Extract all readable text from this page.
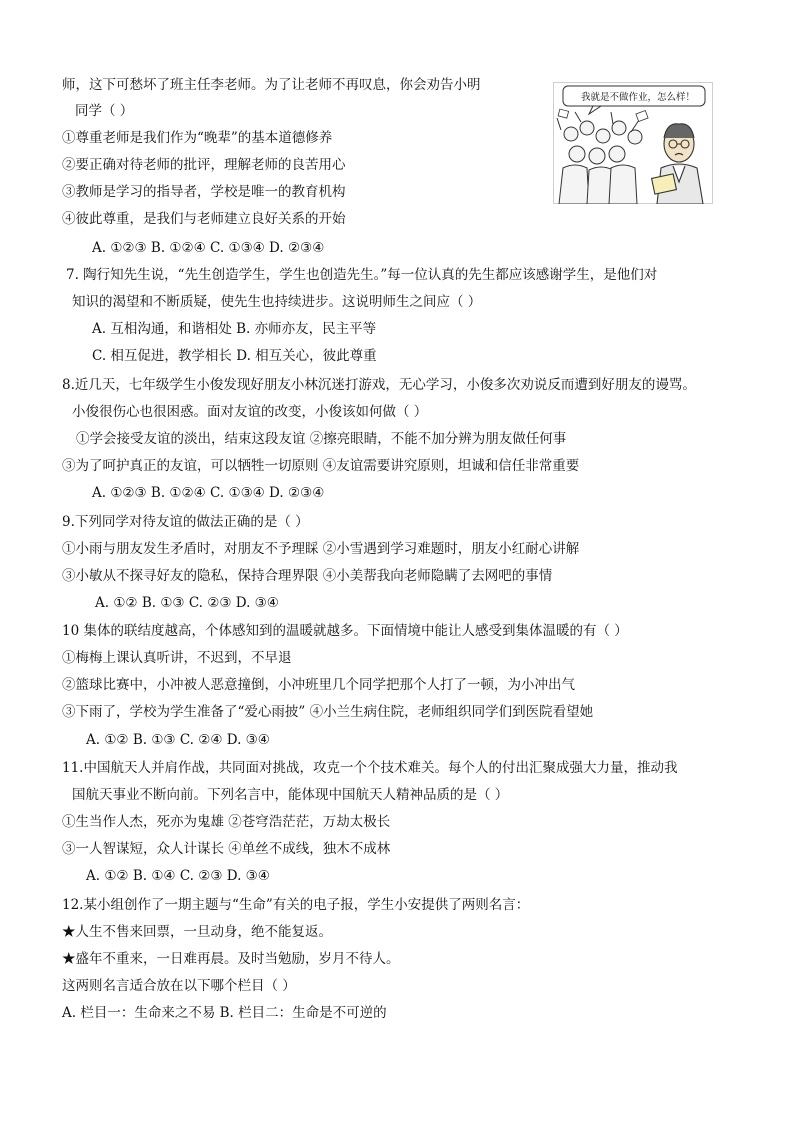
我就是不做作业，怎么样！
师，这下可愁坏了班主任李老师。为了让老师不再叹息，你会劝告小明
同学（ ）
①尊重老师是我们作为“晚辈”的基本道德修养
②要正确对待老师的批评，理解老师的良苦用心
③教师是学习的指导者，学校是唯一的教育机构
④彼此尊重，是我们与老师建立良好关系的开始
A. ①②③ B. ①②④ C. ①③④ D. ②③④
7. 陶行知先生说，“先生创造学生，学生也创造先生。”每一位认真的先生都应该感谢学生，是他们对
知识的渴望和不断质疑，使先生也持续进步。这说明师生之间应（ ）
A. 互相沟通，和谐相处 B. 亦师亦友，民主平等
C. 相互促进，教学相长 D. 相互关心，彼此尊重
8.近几天，七年级学生小俊发现好朋友小林沉迷打游戏，无心学习，小俊多次劝说反而遭到好朋友的谩骂。
小俊很伤心也很困惑。面对友谊的改变，小俊该如何做（ ）
①学会接受友谊的淡出，结束这段友谊 ②擦亮眼睛，不能不加分辨为朋友做任何事
③为了呵护真正的友谊，可以牺牲一切原则 ④友谊需要讲究原则，坦诚和信任非常重要
A. ①②③ B. ①②④ C. ①③④ D. ②③④
9.下列同学对待友谊的做法正确的是（ ）
①小雨与朋友发生矛盾时，对朋友不予理睬 ②小雪遇到学习难题时，朋友小红耐心讲解
③小敏从不探寻好友的隐私，保持合理界限 ④小美帮我向老师隐瞒了去网吧的事情
A. ①② B. ①③ C. ②③ D. ③④
10 集体的联结度越高，个体感知到的温暖就越多。下面情境中能让人感受到集体温暖的有（ ）
①梅梅上课认真听讲，不迟到，不早退
②篮球比赛中，小冲被人恶意撞倒，小冲班里几个同学把那个人打了一顿，为小冲出气
③下雨了，学校为学生准备了“爱心雨披” ④小兰生病住院，老师组织同学们到医院看望她
A. ①② B. ①③ C. ②④ D. ③④
11.中国航天人并肩作战，共同面对挑战，攻克一个个技术难关。每个人的付出汇聚成强大力量，推动我
国航天事业不断向前。下列名言中，能体现中国航天人精神品质的是（ ）
①生当作人杰，死亦为鬼雄 ②苍穹浩茫茫，万劫太极长
③一人智谋短，众人计谋长 ④单丝不成线，独木不成林
A. ①② B. ①④ C. ②③ D. ③④
12.某小组创作了一期主题与“生命”有关的电子报，学生小安提供了两则名言：
★人生不售来回票，一旦动身，绝不能复返。
★盛年不重来，一日难再晨。及时当勉励，岁月不待人。
这两则名言适合放在以下哪个栏目（ ）
A. 栏目一：生命来之不易 B. 栏目二：生命是不可逆的
